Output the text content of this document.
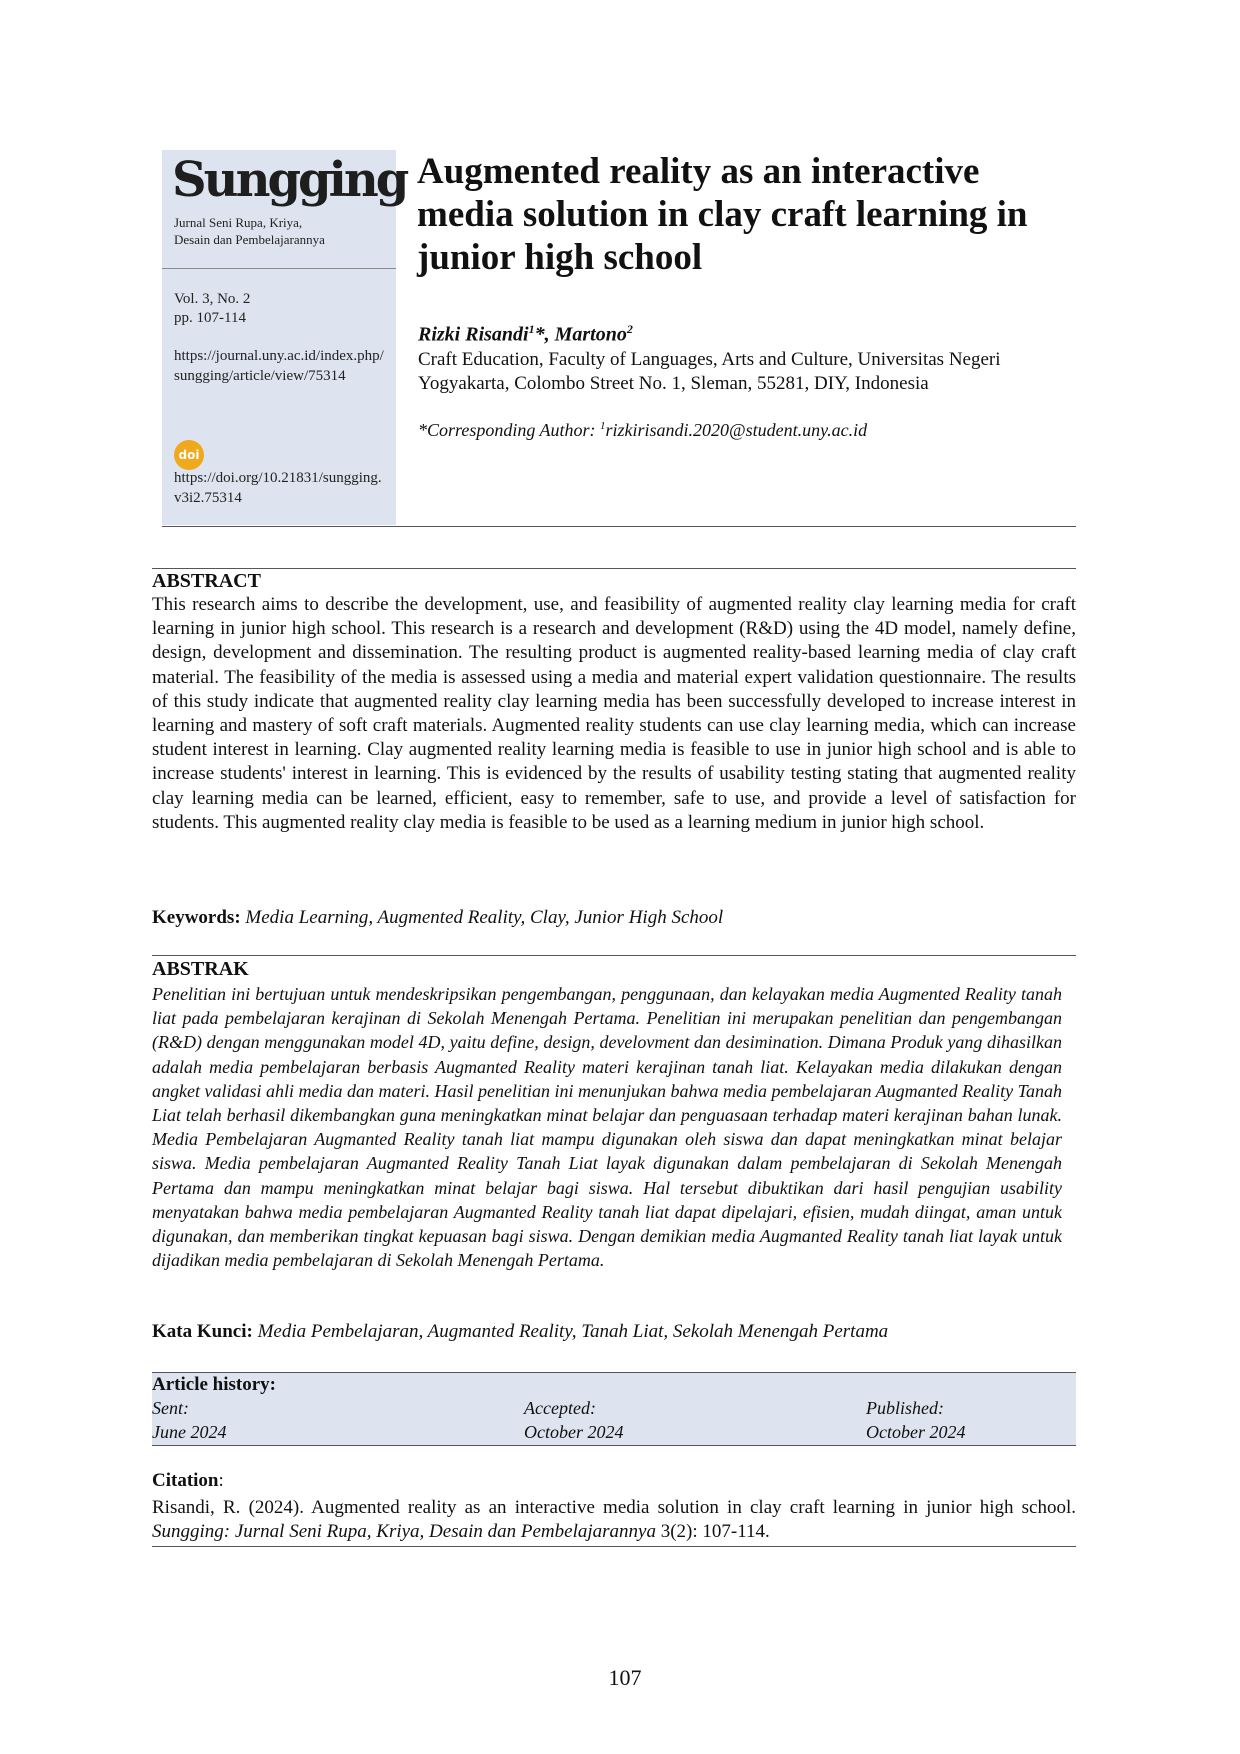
Sungging
Jurnal Seni Rupa, Kriya,
Desain dan Pembelajarannya
Vol. 3, No. 2
pp. 107-114
https://journal.uny.ac.id/index.php/sungging/article/view/75314
doi
https://doi.org/10.21831/sungging.v3i2.75314
Augmented reality as an interactive media solution in clay craft learning in junior high school
Rizki Risandi$^1$*, Martono$^2$
Craft Education, Faculty of Languages, Arts and Culture, Universitas Negeri Yogyakarta, Colombo Street No. 1, Sleman, 55281, DIY, Indonesia
*Corresponding Author: $^1$rizkirisandi.2020@student.uny.ac.id
ABSTRACT
This research aims to describe the development, use, and feasibility of augmented reality clay learning media for craft learning in junior high school. This research is a research and development (R&D) using the 4D model, namely define, design, development and dissemination. The resulting product is augmented reality-based learning media of clay craft material. The feasibility of the media is assessed using a media and material expert validation questionnaire. The results of this study indicate that augmented reality clay learning media has been successfully developed to increase interest in learning and mastery of soft craft materials. Augmented reality students can use clay learning media, which can increase student interest in learning. Clay augmented reality learning media is feasible to use in junior high school and is able to increase students' interest in learning. This is evidenced by the results of usability testing stating that augmented reality clay learning media can be learned, efficient, easy to remember, safe to use, and provide a level of satisfaction for students. This augmented reality clay media is feasible to be used as a learning medium in junior high school.
Keywords: Media Learning, Augmented Reality, Clay, Junior High School
ABSTRAK
Penelitian ini bertujuan untuk mendeskripsikan pengembangan, penggunaan, dan kelayakan media Augmented Reality tanah liat pada pembelajaran kerajinan di Sekolah Menengah Pertama. Penelitian ini merupakan penelitian dan pengembangan (R&D) dengan menggunakan model 4D, yaitu define, design, develovment dan desimination. Dimana Produk yang dihasilkan adalah media pembelajaran berbasis Augmanted Reality materi kerajinan tanah liat. Kelayakan media dilakukan dengan angket validasi ahli media dan materi. Hasil penelitian ini menunjukan bahwa media pembelajaran Augmanted Reality Tanah Liat telah berhasil dikembangkan guna meningkatkan minat belajar dan penguasaan terhadap materi kerajinan bahan lunak. Media Pembelajaran Augmanted Reality tanah liat mampu digunakan oleh siswa dan dapat meningkatkan minat belajar siswa. Media pembelajaran Augmanted Reality Tanah Liat layak digunakan dalam pembelajaran di Sekolah Menengah Pertama dan mampu meningkatkan minat belajar bagi siswa. Hal tersebut dibuktikan dari hasil pengujian usability menyatakan bahwa media pembelajaran Augmanted Reality tanah liat dapat dipelajari, efisien, mudah diingat, aman untuk digunakan, dan memberikan tingkat kepuasan bagi siswa. Dengan demikian media Augmanted Reality tanah liat layak untuk dijadikan media pembelajaran di Sekolah Menengah Pertama.
Kata Kunci: Media Pembelajaran, Augmanted Reality, Tanah Liat, Sekolah Menengah Pertama
Article history:
Sent:
June 2024
Accepted:
October 2024
Published:
October 2024
Citation:
Risandi, R. (2024). Augmented reality as an interactive media solution in clay craft learning in junior high school. Sungging: Jurnal Seni Rupa, Kriya, Desain dan Pembelajarannya 3(2): 107-114.
107
